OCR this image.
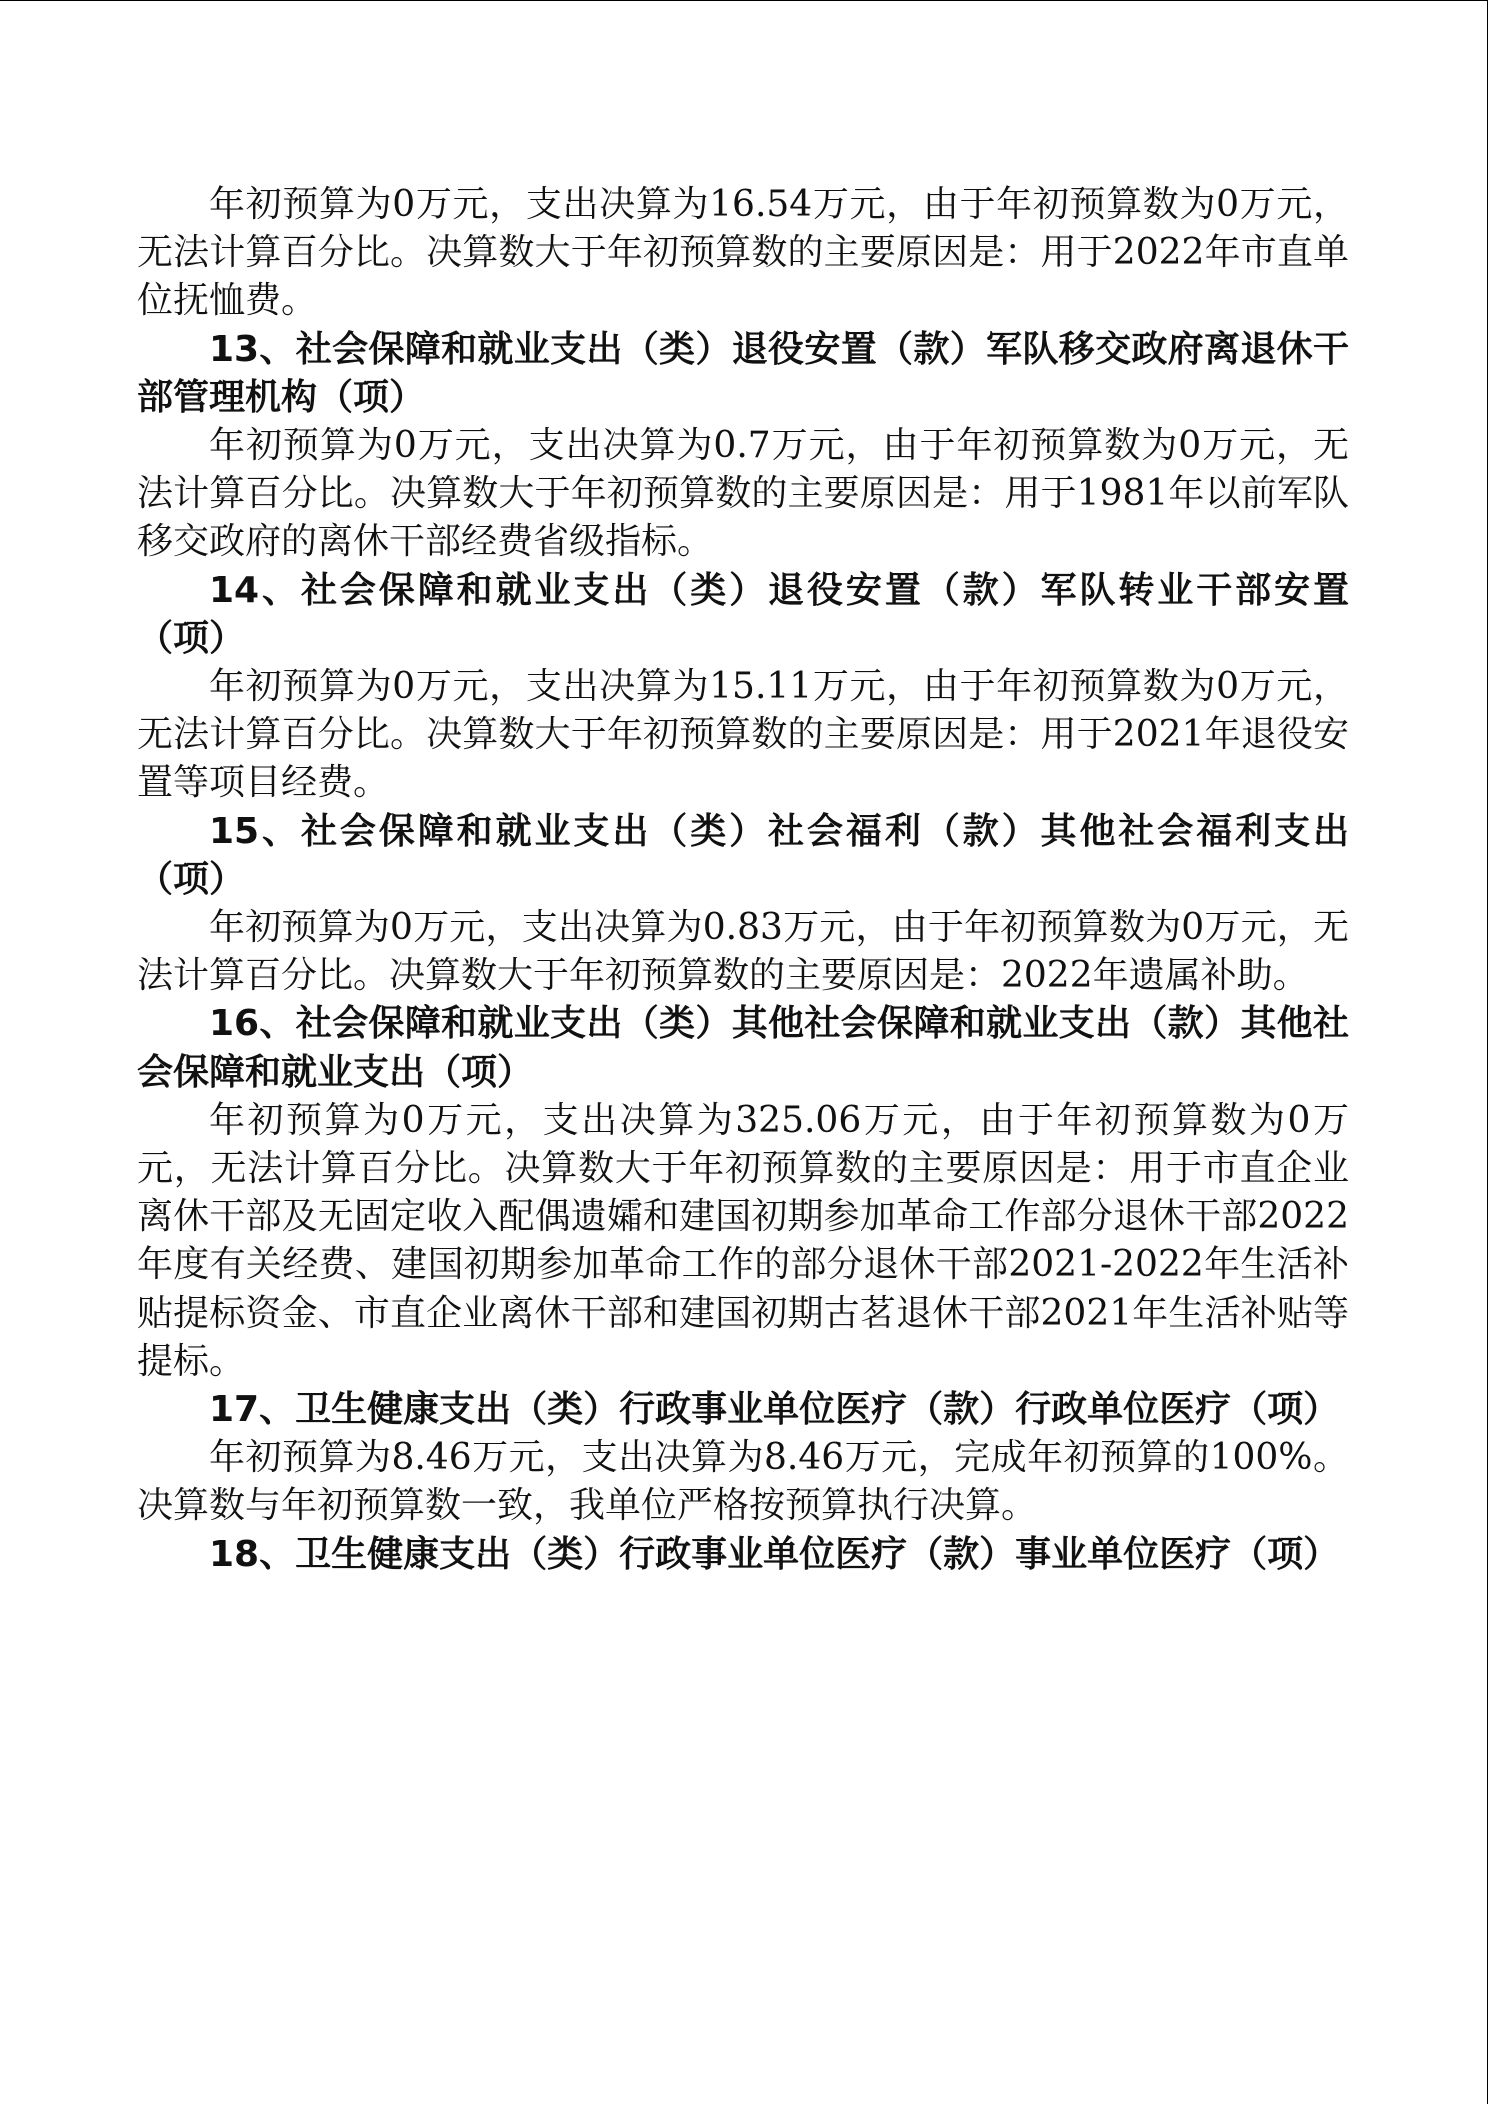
年初预算为0万元，支出决算为16.54万元，由于年初预算数为0万元，无法计算百分比。决算数大于年初预算数的主要原因是：用于2022年市直单位抚恤费。

13、社会保障和就业支出（类）退役安置（款）军队移交政府离退休干部管理机构（项）

年初预算为0万元，支出决算为0.7万元，由于年初预算数为0万元，无法计算百分比。决算数大于年初预算数的主要原因是：用于1981年以前军队移交政府的离休干部经费省级指标。

14、社会保障和就业支出（类）退役安置（款）军队转业干部安置（项）

年初预算为0万元，支出决算为15.11万元，由于年初预算数为0万元，无法计算百分比。决算数大于年初预算数的主要原因是：用于2021年退役安置等项目经费。

15、社会保障和就业支出（类）社会福利（款）其他社会福利支出（项）

年初预算为0万元，支出决算为0.83万元，由于年初预算数为0万元，无法计算百分比。决算数大于年初预算数的主要原因是：2022年遗属补助。

16、社会保障和就业支出（类）其他社会保障和就业支出（款）其他社会保障和就业支出（项）

年初预算为0万元，支出决算为325.06万元，由于年初预算数为0万元，无法计算百分比。决算数大于年初预算数的主要原因是：用于市直企业离休干部及无固定收入配偶遗孀和建国初期参加革命工作部分退休干部2022年度有关经费、建国初期参加革命工作的部分退休干部2021-2022年生活补贴提标资金、市直企业离休干部和建国初期古茗退休干部2021年生活补贴等提标。

17、卫生健康支出（类）行政事业单位医疗（款）行政单位医疗（项）

年初预算为8.46万元，支出决算为8.46万元，完成年初预算的100%。决算数与年初预算数一致，我单位严格按预算执行决算。

18、卫生健康支出（类）行政事业单位医疗（款）事业单位医疗（项）
